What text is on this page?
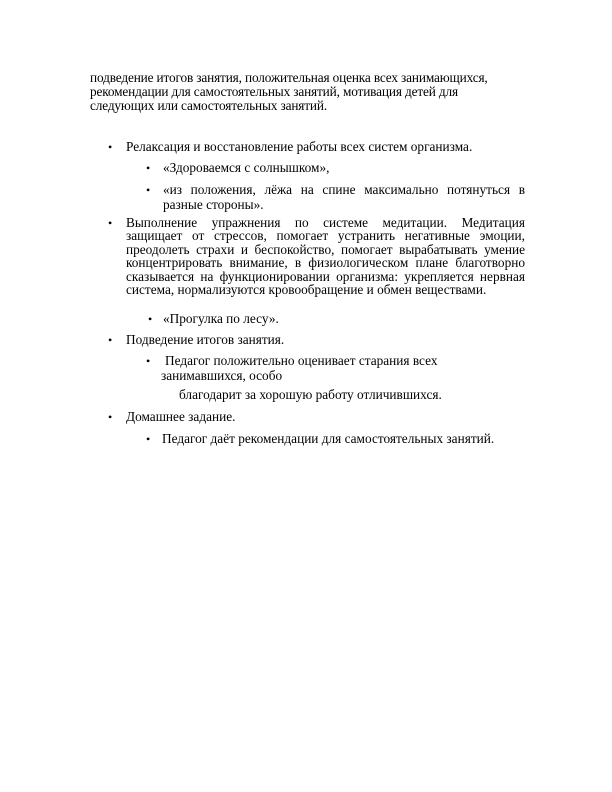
подведение итогов занятия, положительная оценка всех занимающихся,
рекомендации для самостоятельных занятий, мотивация детей для
следующих или самостоятельных занятий.
• Релаксация и восстановление работы всех систем организма.
• «Здороваемся с солнышком»,
• «из положения, лёжа на спине максимально потянуться в разные стороны».
• Выполнение упражнения по системе медитации. Медитация защищает от стрессов, помогает устранить негативные эмоции, преодолеть страхи и беспокойство, помогает вырабатывать умение концентрировать внимание, в физиологическом плане благотворно сказывается на функционировании организма: укрепляется нервная система, нормализуются кровообращение и обмен веществами.
• «Прогулка по лесу».
• Подведение итогов занятия.
•	Педагог положительно оценивает старания всех занимавшихся, особо
благодарит за хорошую работу отличившихся.
• Домашнее задание.
• Педагог даёт рекомендации для самостоятельных занятий.
